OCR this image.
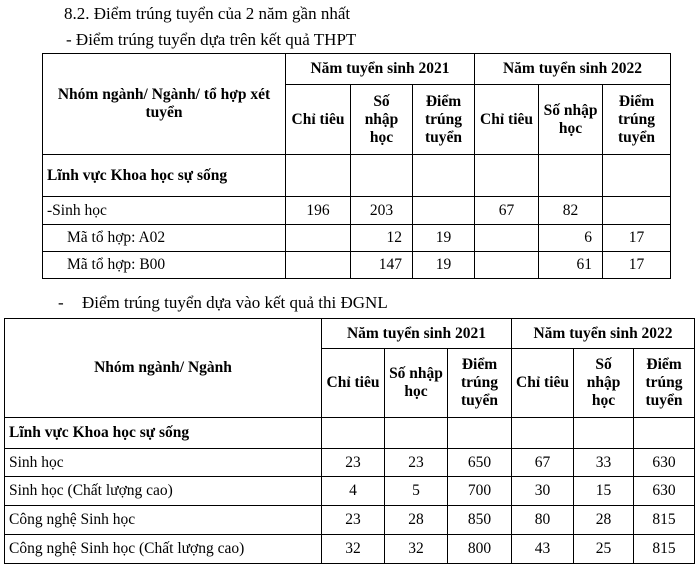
8.2. Điểm trúng tuyển của 2 năm gần nhất
- Điểm trúng tuyển dựa trên kết quả THPT
- Điểm trúng tuyển dựa vào kết quả thi ĐGNL
Nhóm ngành/ Ngành/ tổ hợp xét tuyển	Năm tuyển sinh 2021			Năm tuyển sinh 2022		
	Chỉ tiêu	Số nhập học	Điểm trúng tuyển	Chỉ tiêu	Số nhập học	Điểm trúng tuyển
Lĩnh vực Khoa học sự sống						
-Sinh học	196	203		67	82	
Mã tổ hợp: A02		12	19		6	17
Mã tổ hợp: B00		147	19		61	17
Nhóm ngành/ Ngành	Năm tuyển sinh 2021			Năm tuyển sinh 2022		
	Chỉ tiêu	Số nhập học	Điểm trúng tuyển	Chỉ tiêu	Số nhập học	Điểm trúng tuyển
Lĩnh vực Khoa học sự sống						
Sinh học	23	23	650	67	33	630
Sinh học (Chất lượng cao)	4	5	700	30	15	630
Công nghệ Sinh học	23	28	850	80	28	815
Công nghệ Sinh học (Chất lượng cao)	32	32	800	43	25	815
